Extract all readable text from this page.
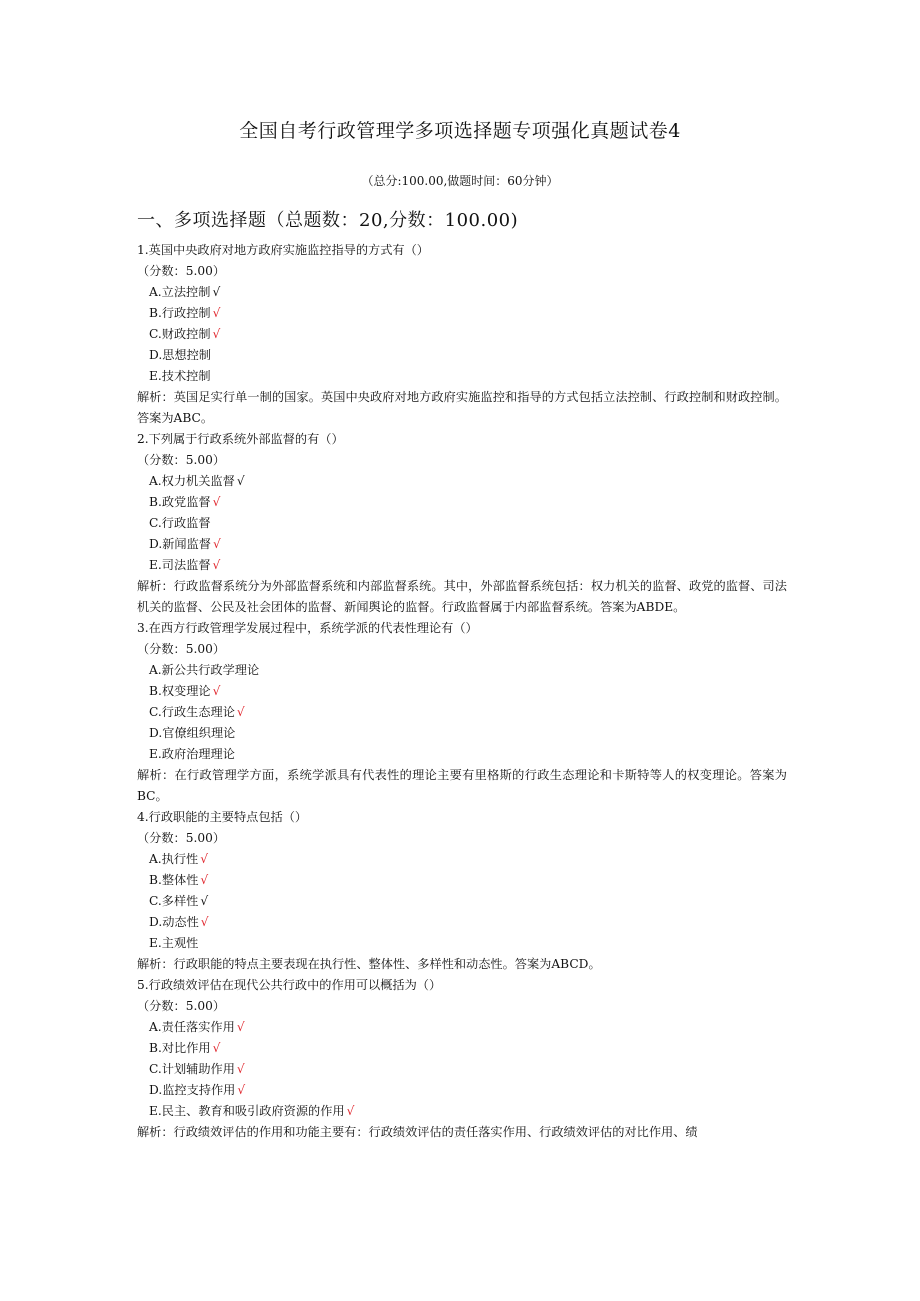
全国自考行政管理学多项选择题专项强化真题试卷4
（总分:100.00,做题时间：60分钟）
一、多项选择题（总题数：20,分数：100.00)
1.英国中央政府对地方政府实施监控指导的方式有（）
（分数：5.00）
A.立法控制 √
B.行政控制 √
C.财政控制 √
D.思想控制
E.技术控制
解析：英国足实行单一制的国家。英国中央政府对地方政府实施监控和指导的方式包括立法控制、行政控制和财政控制。答案为ABC。
2.下列属于行政系统外部监督的有（）
（分数：5.00）
A.权力机关监督 √
B.政党监督 √
C.行政监督
D.新闻监督 √
E.司法监督 √
解析：行政监督系统分为外部监督系统和内部监督系统。其中，外部监督系统包括：权力机关的监督、政党的监督、司法机关的监督、公民及社会团体的监督、新闻舆论的监督。行政监督属于内部监督系统。答案为ABDE。
3.在西方行政管理学发展过程中，系统学派的代表性理论有（）
（分数：5.00）
A.新公共行政学理论
B.权变理论 √
C.行政生态理论 √
D.官僚组织理论
E.政府治理理论
解析：在行政管理学方面，系统学派具有代表性的理论主要有里格斯的行政生态理论和卡斯特等人的权变理论。答案为BC。
4.行政职能的主要特点包括（）
（分数：5.00）
A.执行性 √
B.整体性 √
C.多样性 √
D.动态性 √
E.主观性
解析：行政职能的特点主要表现在执行性、整体性、多样性和动态性。答案为ABCD。
5.行政绩效评估在现代公共行政中的作用可以概括为（）
（分数：5.00）
A.责任落实作用 √
B.对比作用 √
C.计划辅助作用 √
D.监控支持作用 √
E.民主、教育和吸引政府资源的作用 √
解析：行政绩效评估的作用和功能主要有：行政绩效评估的责任落实作用、行政绩效评估的对比作用、绩
